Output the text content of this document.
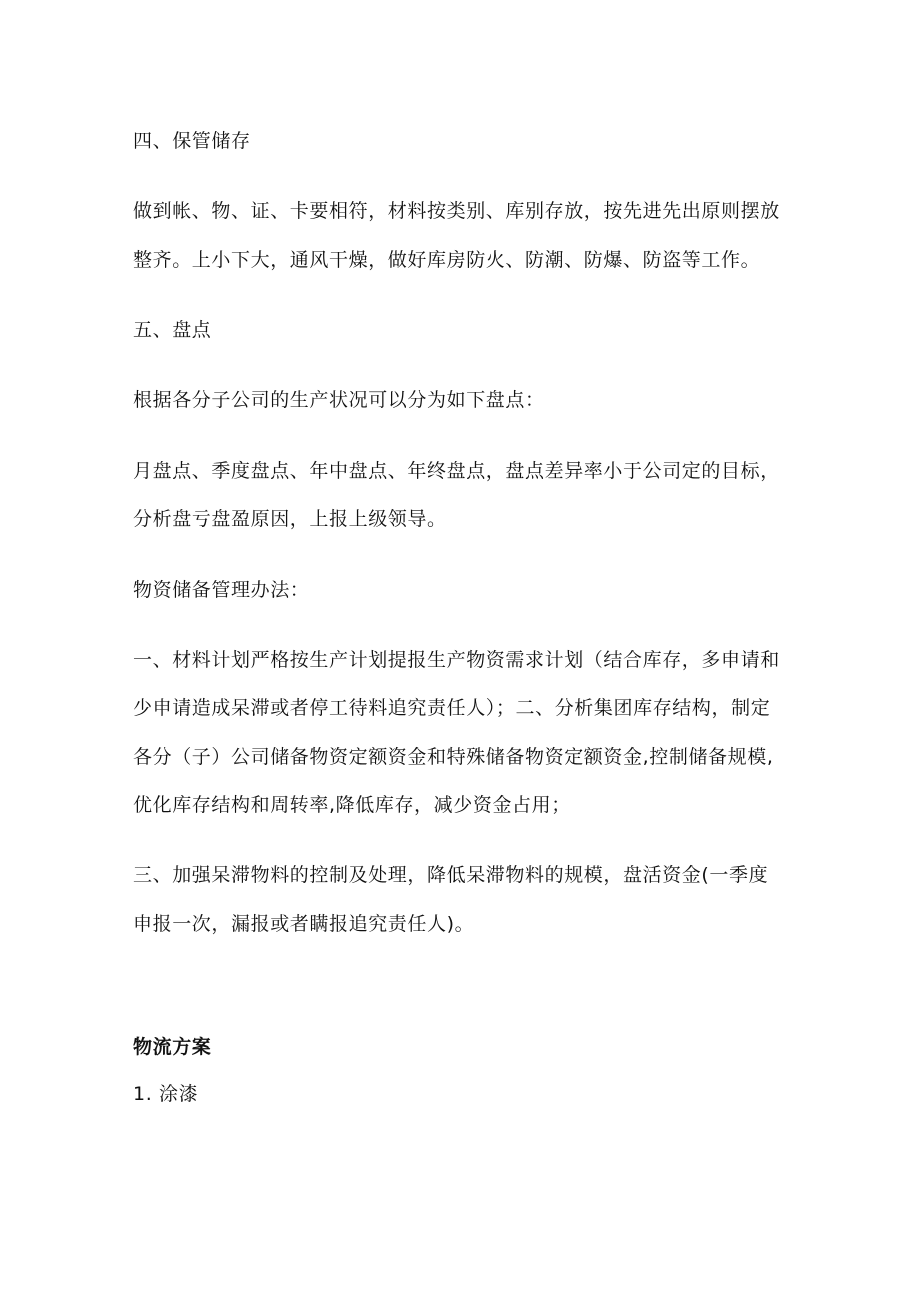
四、保管储存
做到帐、物、证、卡要相符，材料按类别、库别存放，按先进先出原则摆放
整齐。上小下大，通风干燥，做好库房防火、防潮、防爆、防盗等工作。
五、盘点
根据各分子公司的生产状况可以分为如下盘点：
月盘点、季度盘点、年中盘点、年终盘点，盘点差异率小于公司定的目标，
分析盘亏盘盈原因，上报上级领导。
物资储备管理办法：
一、材料计划严格按生产计划提报生产物资需求计划（结合库存，多申请和
少申请造成呆滞或者停工待料追究责任人）；二、分析集团库存结构，制定
各分（子）公司储备物资定额资金和特殊储备物资定额资金,控制储备规模,
优化库存结构和周转率,降低库存，减少资金占用；
三、加强呆滞物料的控制及处理，降低呆滞物料的规模，盘活资金(一季度
申报一次，漏报或者瞒报追究责任人)。
物流方案
1. 涂漆
